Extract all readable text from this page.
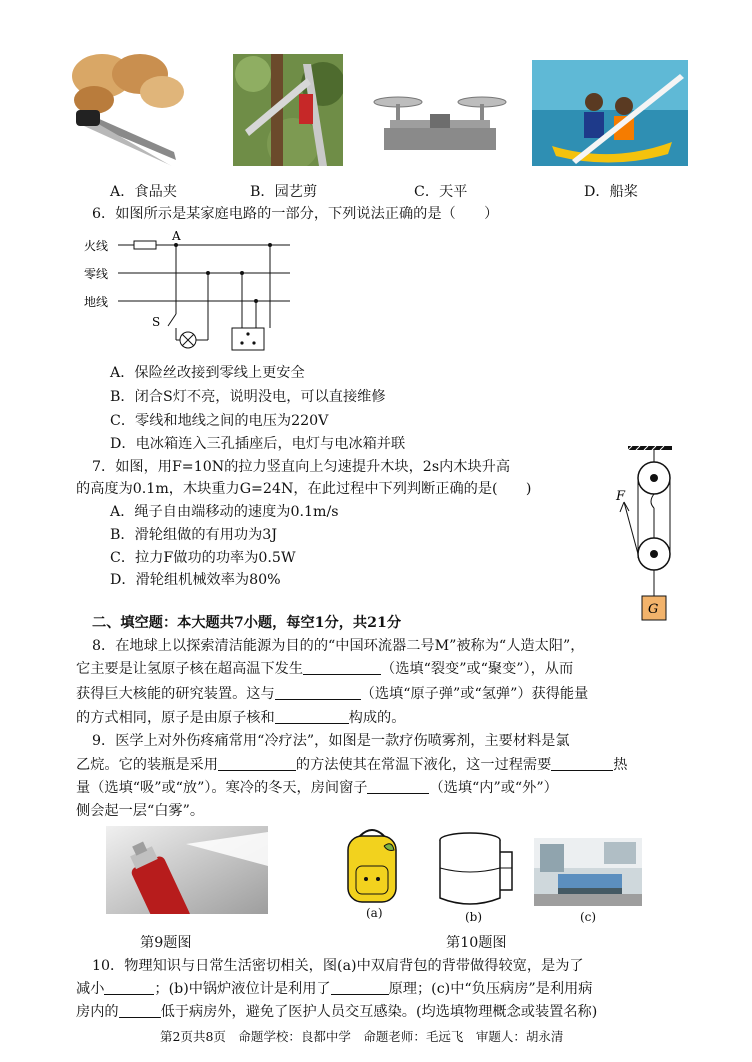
A．食品夹	B．园艺剪	C．天平	D．船桨
6．如图所示是某家庭电路的一部分，下列说法正确的是（　　）
火线
零线
地线
A
S
A．保险丝改接到零线上更安全
B．闭合S灯不亮，说明没电，可以直接维修
C．零线和地线之间的电压为220V
D．电冰箱连入三孔插座后，电灯与电冰箱并联
7．如图，用F=10N的拉力竖直向上匀速提升木块，2s内木块升高
的高度为0.1m，木块重力G=24N，在此过程中下列判断正确的是(　　)
A．绳子自由端移动的速度为0.1m/s
B．滑轮组做的有用功为3J
C．拉力F做功的功率为0.5W
D．滑轮组机械效率为80%
F
G
二、填空题：本大题共7小题，每空1分，共21分
8．在地球上以探索清洁能源为目的的“中国环流器二号M”被称为“人造太阳”，
它主要是让氢原子核在超高温下发生	（选填“裂变”或“聚变”），从而
获得巨大核能的研究装置。这与	（选填“原子弹”或“氢弹”）获得能量
的方式相同，原子是由原子核和	构成的。
9．医学上对外伤疼痛常用“冷疗法”，如图是一款疗伤喷雾剂，主要材料是氯
乙烷。它的装瓶是采用	的方法使其在常温下液化，这一过程需要	热
量（选填“吸”或“放”）。寒冷的冬天，房间窗子	（选填“内”或“外”）
侧会起一层“白雾”。
第9题图
(a)	(b)	(c)
第10题图
10．物理知识与日常生活密切相关，图(a)中双肩背包的背带做得较宽，是为了
减小	；(b)中锅炉液位计是利用了	原理；(c)中“负压病房”是利用病
房内的	低于病房外，避免了医护人员交互感染。(均选填物理概念或装置名称)
第2页共8页　命题学校：良都中学　命题老师：毛远飞　审题人：胡永清
